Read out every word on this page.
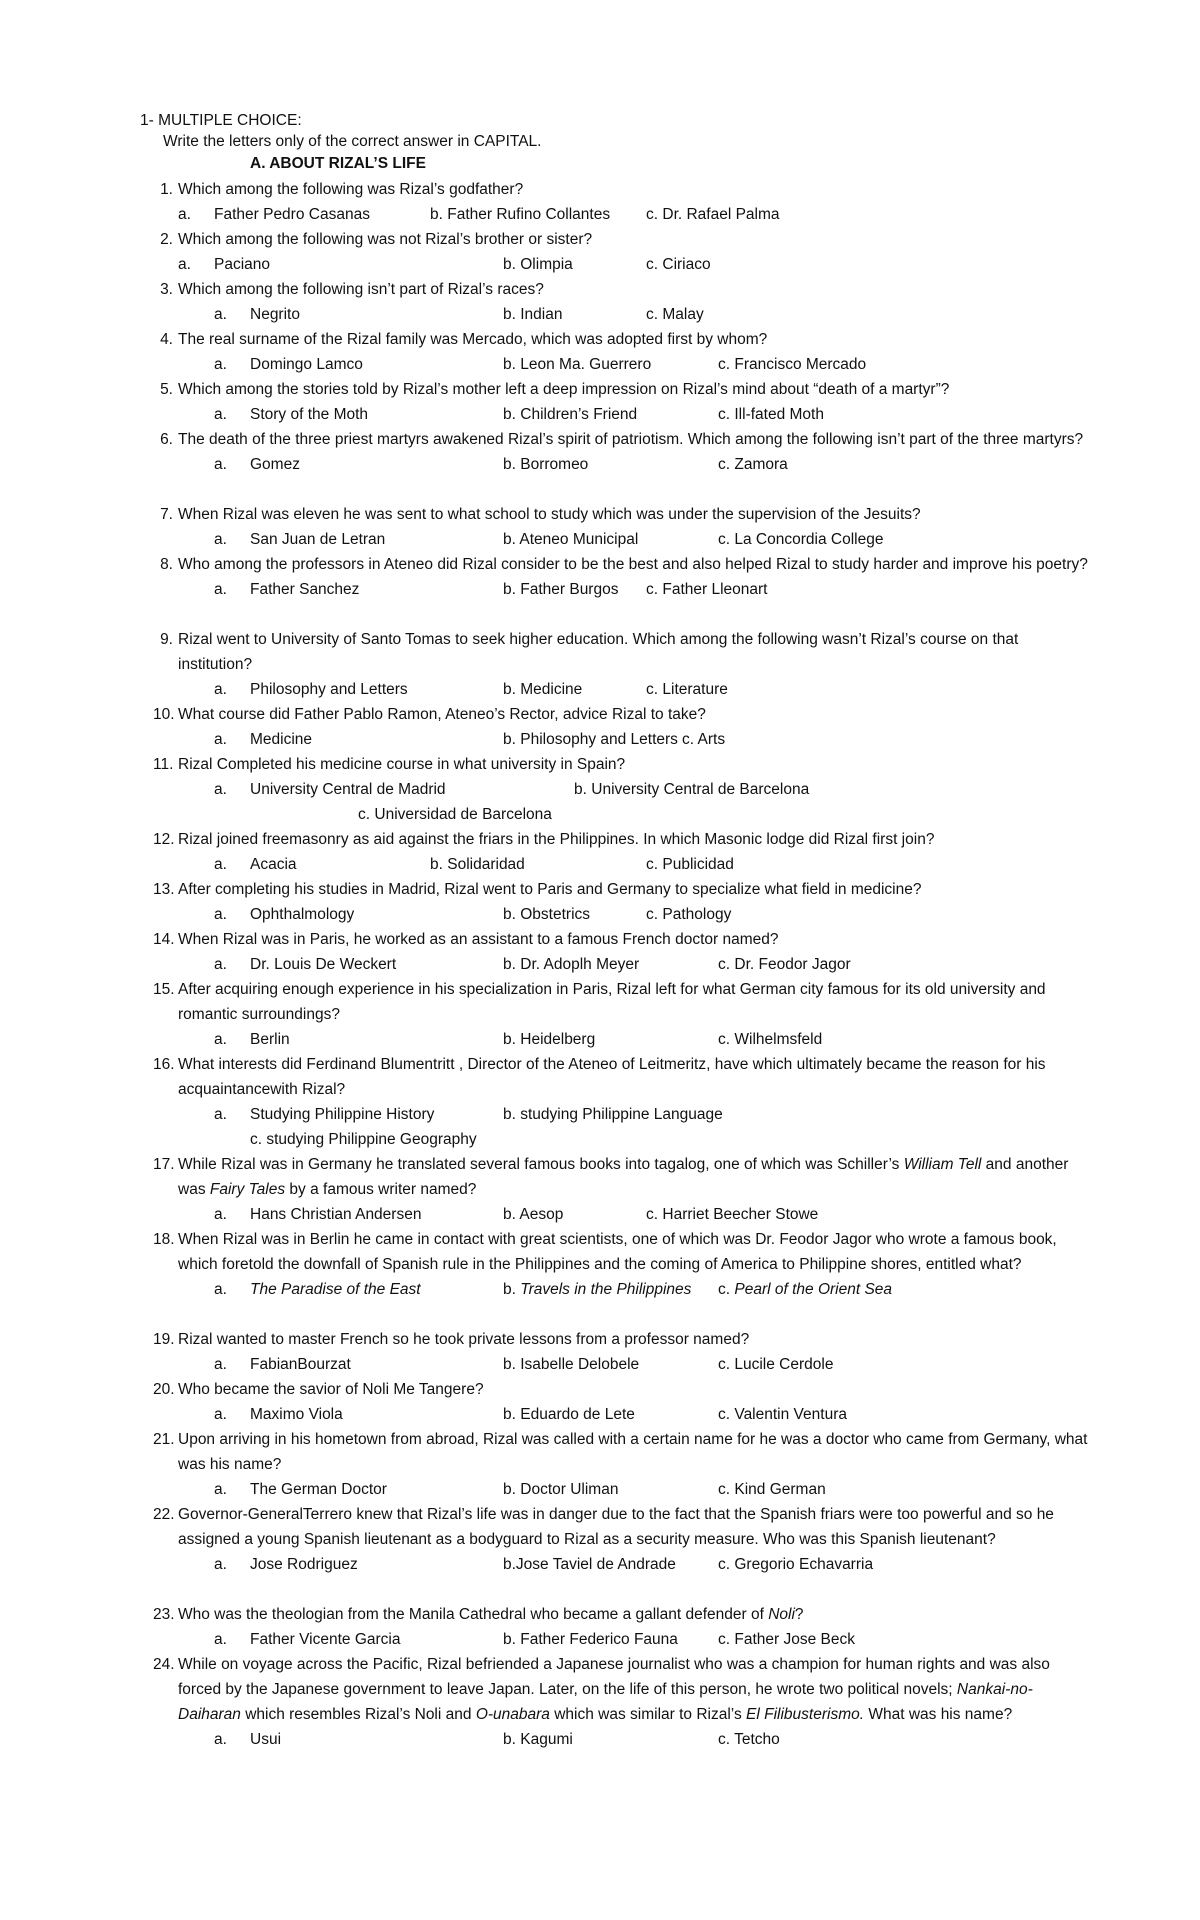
1- MULTIPLE CHOICE:
Write the letters only of the correct answer in CAPITAL.
A. ABOUT RIZAL’S LIFE
1. Which among the following was Rizal’s godfather?
a. Father Pedro Casanas	b. Father Rufino Collantes c. Dr. Rafael Palma
2. Which among the following was not Rizal’s brother or sister?
a. Paciano	b. Olimpia	c. Ciriaco
3. Which among the following isn’t part of Rizal’s races?
a. Negrito	b. Indian	c. Malay
4. The real surname of the Rizal family was Mercado, which was adopted first by whom?
a. Domingo Lamco	b. Leon Ma. Guerrero	c. Francisco Mercado
5. Which among the stories told by Rizal’s mother left a deep impression on Rizal’s mind about “death of a martyr”?
a. Story of the Moth	b. Children’s Friend	c. Ill-fated Moth
6. The death of the three priest martyrs awakened Rizal’s spirit of patriotism. Which among the following isn’t part of the three martyrs?
a. Gomez	b. Borromeo	c. Zamora
7. When Rizal was eleven he was sent to what school to study which was under the supervision of the Jesuits?
a. San Juan de Letran	b. Ateneo Municipal	c. La Concordia College
8. Who among the professors in Ateneo did Rizal consider to be the best and also helped Rizal to study harder and improve his poetry?
a. Father Sanchez	b. Father Burgos c. Father Lleonart
9. Rizal went to University of Santo Tomas to seek higher education. Which among the following wasn’t Rizal’s course on that institution?
a. Philosophy and Letters	b. Medicine	c. Literature
10. What course did Father Pablo Ramon, Ateneo’s Rector, advice Rizal to take?
a. Medicine	b. Philosophy and Letters c. Arts
11. Rizal Completed his medicine course in what university in Spain?
a. University Central de Madrid	b. University Central de Barcelona
c. Universidad de Barcelona
12. Rizal joined freemasonry as aid against the friars in the Philippines. In which Masonic lodge did Rizal first join?
a. Acacia	b. Solidaridad	c. Publicidad
13. After completing his studies in Madrid, Rizal went to Paris and Germany to specialize what field in medicine?
a. Ophthalmology	b. Obstetrics	c. Pathology
14. When Rizal was in Paris, he worked as an assistant to a famous French doctor named?
a. Dr. Louis De Weckert	b. Dr. Adoplh Meyer	c. Dr. Feodor Jagor
15. After acquiring enough experience in his specialization in Paris, Rizal left for what German city famous for its old university and romantic surroundings?
a. Berlin	b. Heidelberg	c. Wilhelmsfeld
16. What interests did Ferdinand Blumentritt , Director of the Ateneo of Leitmeritz, have which ultimately became the reason for his acquaintancewith Rizal?
a. Studying Philippine History	b. studying Philippine Language
c. studying Philippine Geography
17. While Rizal was in Germany he translated several famous books into tagalog, one of which was Schiller’s William Tell and another was Fairy Tales by a famous writer named?
a. Hans Christian Andersen	b. Aesop	c. Harriet Beecher Stowe
18. When Rizal was in Berlin he came in contact with great scientists, one of which was Dr. Feodor Jagor who wrote a famous book, which foretold the downfall of Spanish rule in the Philippines and the coming of America to Philippine shores, entitled what?
a. The Paradise of the East	b. Travels in the Philippines c. Pearl of the Orient Sea
19. Rizal wanted to master French so he took private lessons from a professor named?
a. FabianBourzat	b. Isabelle Delobele	c. Lucile Cerdole
20. Who became the savior of Noli Me Tangere?
a. Maximo Viola	b. Eduardo de Lete	c. Valentin Ventura
21. Upon arriving in his hometown from abroad, Rizal was called with a certain name for he was a doctor who came from Germany, what was his name?
a. The German Doctor	b. Doctor Uliman	c. Kind German
22. Governor-GeneralTerrero knew that Rizal’s life was in danger due to the fact that the Spanish friars were too powerful and so he assigned a young Spanish lieutenant as a bodyguard to Rizal as a security measure. Who was this Spanish lieutenant?
a. Jose Rodriguez	b.Jose Taviel de Andrade	c. Gregorio Echavarria
23. Who was the theologian from the Manila Cathedral who became a gallant defender of Noli?
a. Father Vicente Garcia	b. Father Federico Fauna	c. Father Jose Beck
24. While on voyage across the Pacific, Rizal befriended a Japanese journalist who was a champion for human rights and was also forced by the Japanese government to leave Japan. Later, on the life of this person, he wrote two political novels; Nankai-no-Daiharan which resembles Rizal’s Noli and O-unabara which was similar to Rizal’s El Filibusterismo. What was his name?
a. Usui	b. Kagumi	c. Tetcho
